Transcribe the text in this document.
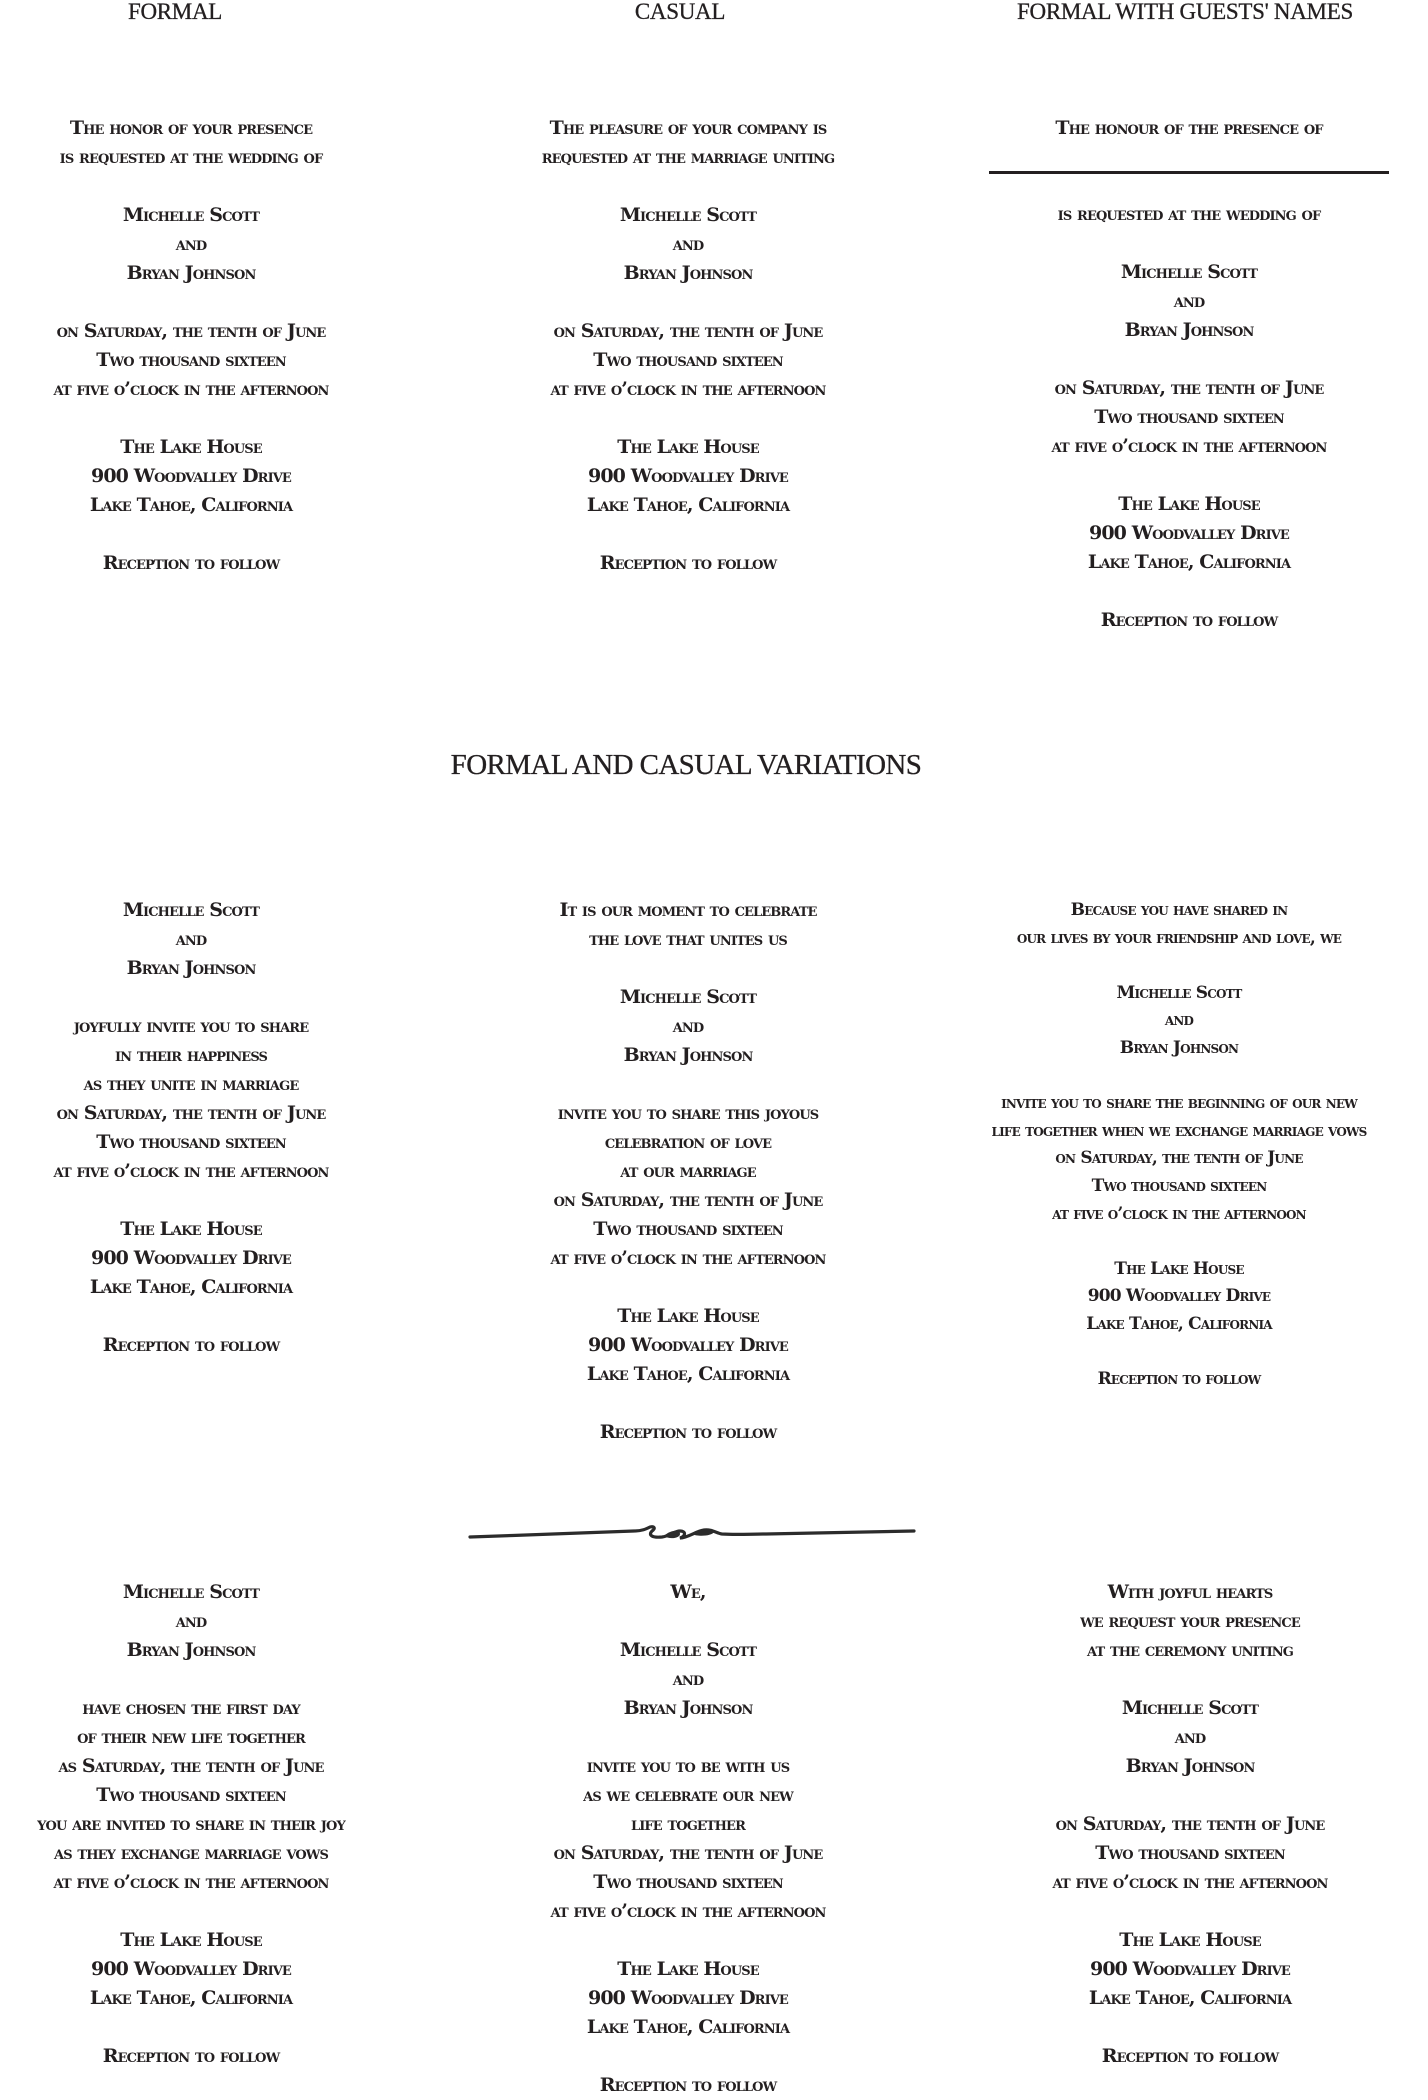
FORMAL	CASUAL	FORMAL WITH GUESTS' NAMES
The honor of your presence
is requested at the wedding of
Michelle Scott
and
Bryan Johnson
on Saturday, the tenth of June
Two thousand sixteen
at five o’clock in the afternoon
The Lake House
900 Woodvalley Drive
Lake Tahoe, California
Reception to follow
The pleasure of your company is
requested at the marriage uniting
Michelle Scott
and
Bryan Johnson
on Saturday, the tenth of June
Two thousand sixteen
at five o’clock in the afternoon
The Lake House
900 Woodvalley Drive
Lake Tahoe, California
Reception to follow
The honour of the presence of
is requested at the wedding of
Michelle Scott
and
Bryan Johnson
on Saturday, the tenth of June
Two thousand sixteen
at five o’clock in the afternoon
The Lake House
900 Woodvalley Drive
Lake Tahoe, California
Reception to follow
FORMAL AND CASUAL VARIATIONS
Michelle Scott
and
Bryan Johnson
joyfully invite you to share
in their happiness
as they unite in marriage
on Saturday, the tenth of June
Two thousand sixteen
at five o’clock in the afternoon
The Lake House
900 Woodvalley Drive
Lake Tahoe, California
Reception to follow
It is our moment to celebrate
the love that unites us
Michelle Scott
and
Bryan Johnson
invite you to share this joyous
celebration of love
at our marriage
on Saturday, the tenth of June
Two thousand sixteen
at five o’clock in the afternoon
The Lake House
900 Woodvalley Drive
Lake Tahoe, California
Reception to follow
Because you have shared in
our lives by your friendship and love, we
Michelle Scott
and
Bryan Johnson
invite you to share the beginning of our new
life together when we exchange marriage vows
on Saturday, the tenth of June
Two thousand sixteen
at five o’clock in the afternoon
The Lake House
900 Woodvalley Drive
Lake Tahoe, California
Reception to follow
Michelle Scott
and
Bryan Johnson
have chosen the first day
of their new life together
as Saturday, the tenth of June
Two thousand sixteen
you are invited to share in their joy
as they exchange marriage vows
at five o’clock in the afternoon
The Lake House
900 Woodvalley Drive
Lake Tahoe, California
Reception to follow
We,
Michelle Scott
and
Bryan Johnson
invite you to be with us
as we celebrate our new
life together
on Saturday, the tenth of June
Two thousand sixteen
at five o’clock in the afternoon
The Lake House
900 Woodvalley Drive
Lake Tahoe, California
Reception to follow
With joyful hearts
we request your presence
at the ceremony uniting
Michelle Scott
and
Bryan Johnson
on Saturday, the tenth of June
Two thousand sixteen
at five o’clock in the afternoon
The Lake House
900 Woodvalley Drive
Lake Tahoe, California
Reception to follow
